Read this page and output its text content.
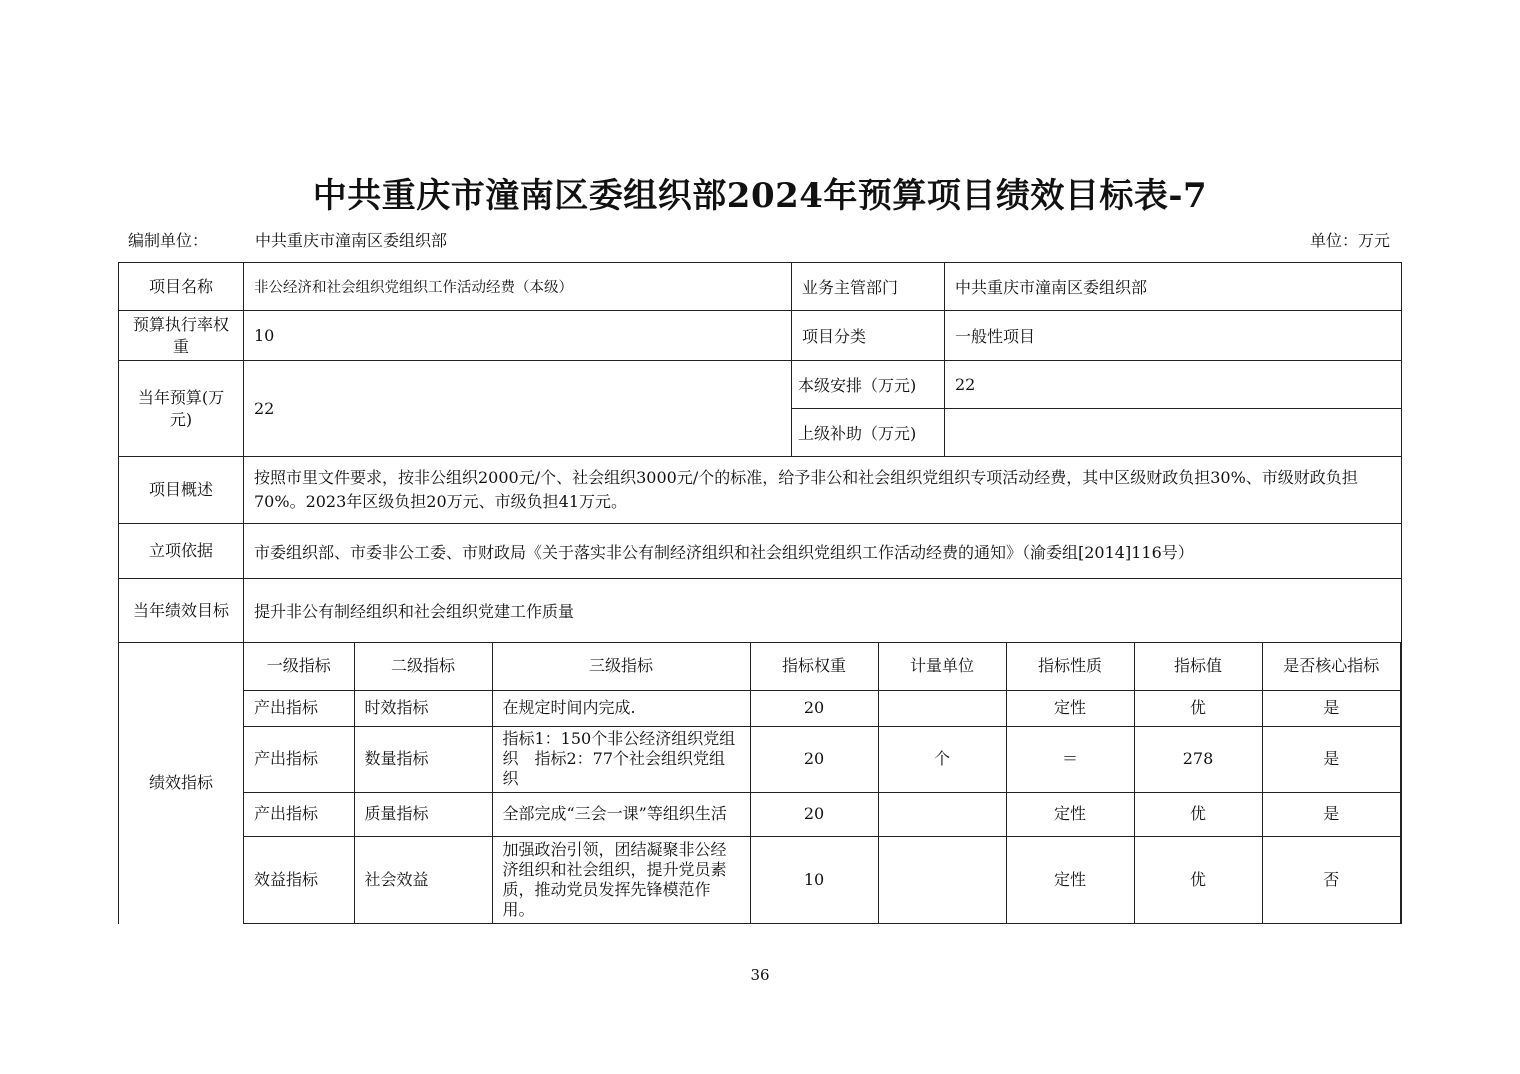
中共重庆市潼南区委组织部2024年预算项目绩效目标表-7
编制单位：	中共重庆市潼南区委组织部	单位：万元
项目名称	非公经济和社会组织党组织工作活动经费（本级）	业务主管部门	中共重庆市潼南区委组织部
预算执行率权重	10	项目分类	一般性项目
当年预算(万元)	22	本级安排（万元)	22
上级补助（万元)	
项目概述	按照市里文件要求，按非公组织2000元/个、社会组织3000元/个的标准，给予非公和社会组织党组织专项活动经费，其中区级财政负担30%、市级财政负担70%。2023年区级负担20万元、市级负担41万元。
立项依据	市委组织部、市委非公工委、市财政局《关于落实非公有制经济组织和社会组织党组织工作活动经费的通知》（渝委组[2014]116号）
当年绩效目标	提升非公有制经组织和社会组织党建工作质量
绩效指标	
一级指标	二级指标	三级指标	指标权重	计量单位	指标性质	指标值	是否核心指标
产出指标	时效指标	在规定时间内完成.	20		定性	优	是
产出指标	数量指标	指标1：150个非公经济组织党组织　指标2：77个社会组织党组织	20	个	＝	278	是
产出指标	质量指标	全部完成“三会一课”等组织生活	20		定性	优	是
效益指标	社会效益	加强政治引领，团结凝聚非公经济组织和社会组织，提升党员素质，推动党员发挥先锋模范作用。	10		定性	优	否
36
